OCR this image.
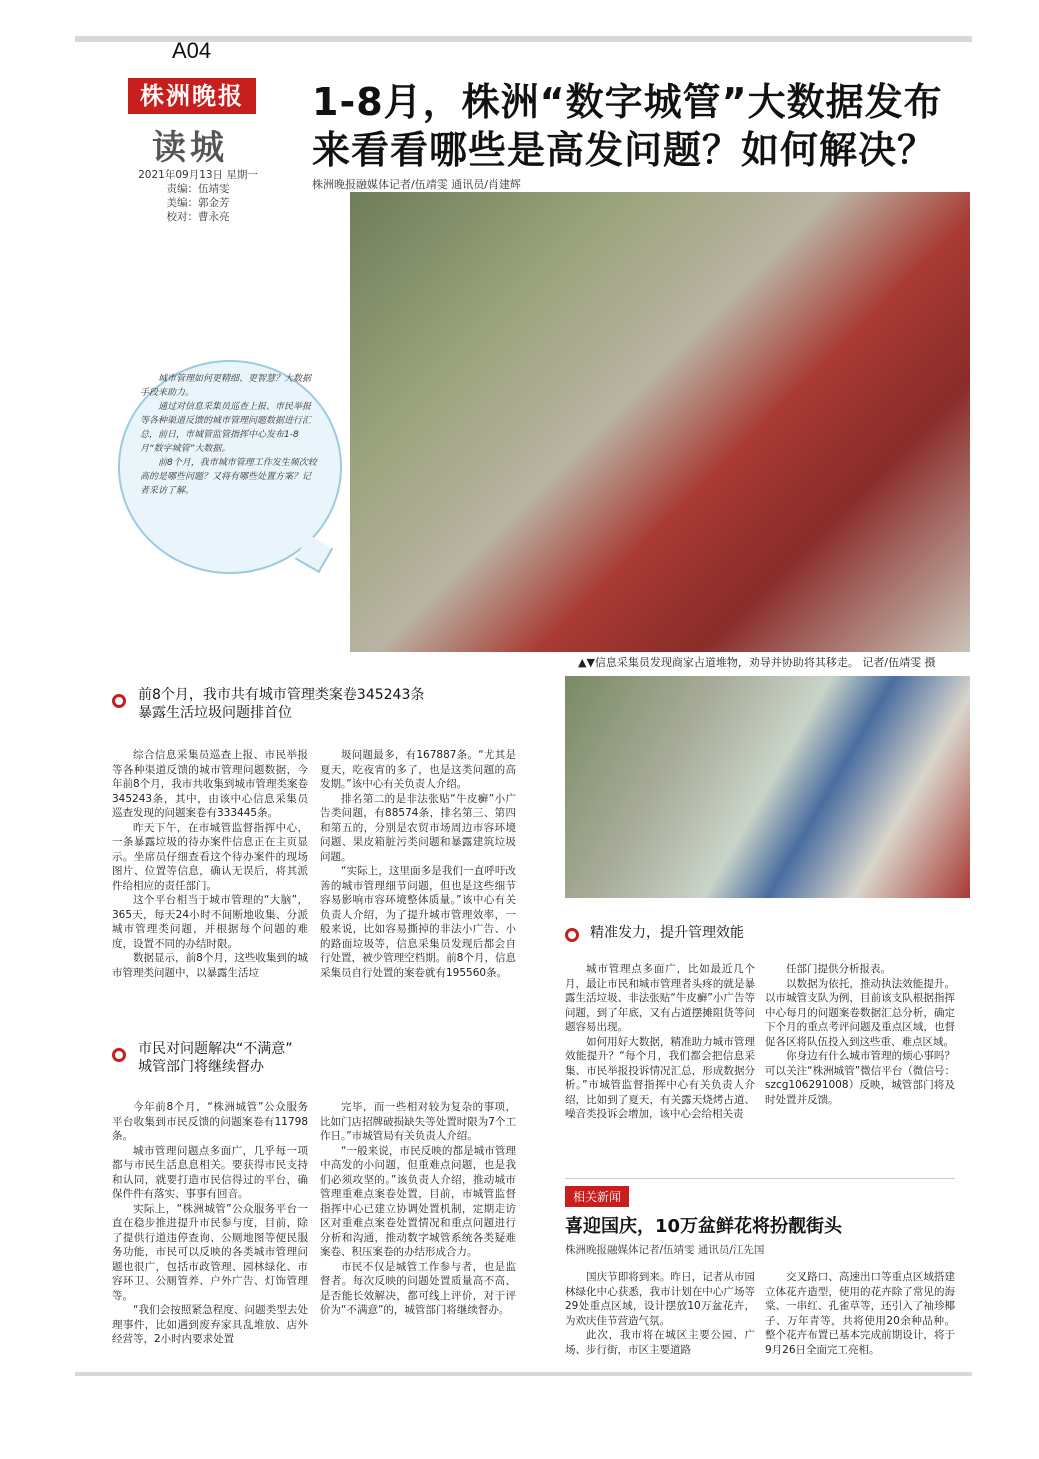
A04
株洲晚报
读城
2021年09月13日 星期一
责编：伍靖雯
美编：郭金芳
校对：曹永亮
1-8月，株洲“数字城管”大数据发布
来看看哪些是高发问题？如何解决？
株洲晚报融媒体记者/伍靖雯 通讯员/肖建辉

城市管理如何更精细、更智慧？大数据手段来助力。

通过对信息采集员巡查上报、市民举报等各种渠道反馈的城市管理问题数据进行汇总，前日，市城管监管指挥中心发布1-8月“数字城管”大数据。

前8个月，我市城市管理工作发生频次较高的是哪些问题？又将有哪些处置方案？记者采访了解。

▲▼信息采集员发现商家占道堆物，劝导并协助将其移走。 记者/伍靖雯 摄
前8个月，我市共有城市管理类案卷345243条
暴露生活垃圾问题排首位

综合信息采集员巡查上报、市民举报等各种渠道反馈的城市管理问题数据，今年前8个月，我市共收集到城市管理类案卷345243条，其中，由该中心信息采集员巡查发现的问题案卷有333445条。

昨天下午，在市城管监督指挥中心，一条暴露垃圾的待办案件信息正在主页显示。坐席员仔细查看这个待办案件的现场图片、位置等信息，确认无误后，将其派件给相应的责任部门。

这个平台相当于城市管理的“大脑”，365天，每天24小时不间断地收集、分派城市管理类问题，并根据每个问题的难度，设置不同的办结时限。

数据显示，前8个月，这些收集到的城市管理类问题中，以暴露生活垃

圾问题最多，有167887条。“尤其是夏天，吃夜宵的多了，也是这类问题的高发期。”该中心有关负责人介绍。

排名第二的是非法张贴“牛皮癣”小广告类问题，有88574条，排名第三、第四和第五的，分别是农贸市场周边市容环境问题、果皮箱脏污类问题和暴露建筑垃圾问题。

“实际上，这里面多是我们一直呼吁改善的城市管理细节问题，但也是这些细节容易影响市容环境整体质量。”该中心有关负责人介绍，为了提升城市管理效率，一般来说，比如容易撕掉的非法小广告、小的路面垃圾等，信息采集员发现后都会自行处置，被少管理空档期。前8个月，信息采集员自行处置的案卷就有195560条。

市民对问题解决“不满意”
城管部门将继续督办

今年前8个月，“株洲城管”公众服务平台收集到市民反馈的问题案卷有11798条。

城市管理问题点多面广，几乎每一项都与市民生活息息相关。要获得市民支持和认同，就要打造市民信得过的平台，确保件件有落实、事事有回音。

实际上，“株洲城管”公众服务平台一直在稳步推进提升市民参与度，目前，除了提供行道违停查询、公厕地图等便民服务功能，市民可以反映的各类城市管理问题也很广，包括市政管理、园林绿化、市容环卫、公厕管养、户外广告、灯饰管理等。

“我们会按照紧急程度、问题类型去处理事件，比如遇到废弃家具乱堆放、店外经营等，2小时内要求处置

完毕，而一些相对较为复杂的事项，比如门店招牌破损缺失等处置时限为7个工作日。”市城管局有关负责人介绍。

“一般来说，市民反映的都是城市管理中高发的小问题，但重难点问题，也是我们必须攻坚的。”该负责人介绍，推动城市管理重难点案卷处置，目前，市城管监督指挥中心已建立协调处置机制，定期走访区对重难点案卷处置情况和重点问题进行分析和沟通，推动数字城管系统各类疑难案卷、积压案卷的办结形成合力。

市民不仅是城管工作参与者，也是监督者。每次反映的问题处置质量高不高、是否能长效解决，都可线上评价，对于评价为“不满意”的，城管部门将继续督办。

精准发力，提升管理效能

城市管理点多面广，比如最近几个月，最让市民和城市管理者头疼的就是暴露生活垃圾、非法张贴“牛皮癣”小广告等问题，到了年底，又有占道摆摊阻货等问题容易出现。

如何用好大数据，精准助力城市管理效能提升？“每个月，我们都会把信息采集、市民举报投诉情况汇总，形成数据分析。”市城管监督指挥中心有关负责人介绍，比如到了夏天，有关露天烧烤占道、噪音类投诉会增加，该中心会给相关责

任部门提供分析报表。

以数据为依托，推动执法效能提升。以市城管支队为例，目前该支队根据指挥中心每月的问题案卷数据汇总分析，确定下个月的重点考评问题及重点区域，也督促各区将队伍投入到这些重、难点区域。

你身边有什么城市管理的烦心事吗？可以关注“株洲城管”微信平台（微信号：szcg106291008）反映，城管部门将及时处置并反馈。

相关新闻
喜迎国庆，10万盆鲜花将扮靓街头
株洲晚报融媒体记者/伍靖雯 通讯员/江先国

国庆节即将到来。昨日，记者从市园林绿化中心获悉，我市计划在中心广场等29处重点区域，设计摆放10万盆花卉，为欢庆佳节营造气氛。

此次，我市将在城区主要公园、广场、步行街，市区主要道路

交叉路口、高速出口等重点区域搭建立体花卉造型，使用的花卉除了常见的海棠、一串红、孔雀草等，还引入了袖珍椰子、万年青等，共将使用20余种品种。整个花卉布置已基本完成前期设计，将于9月26日全面完工亮相。
